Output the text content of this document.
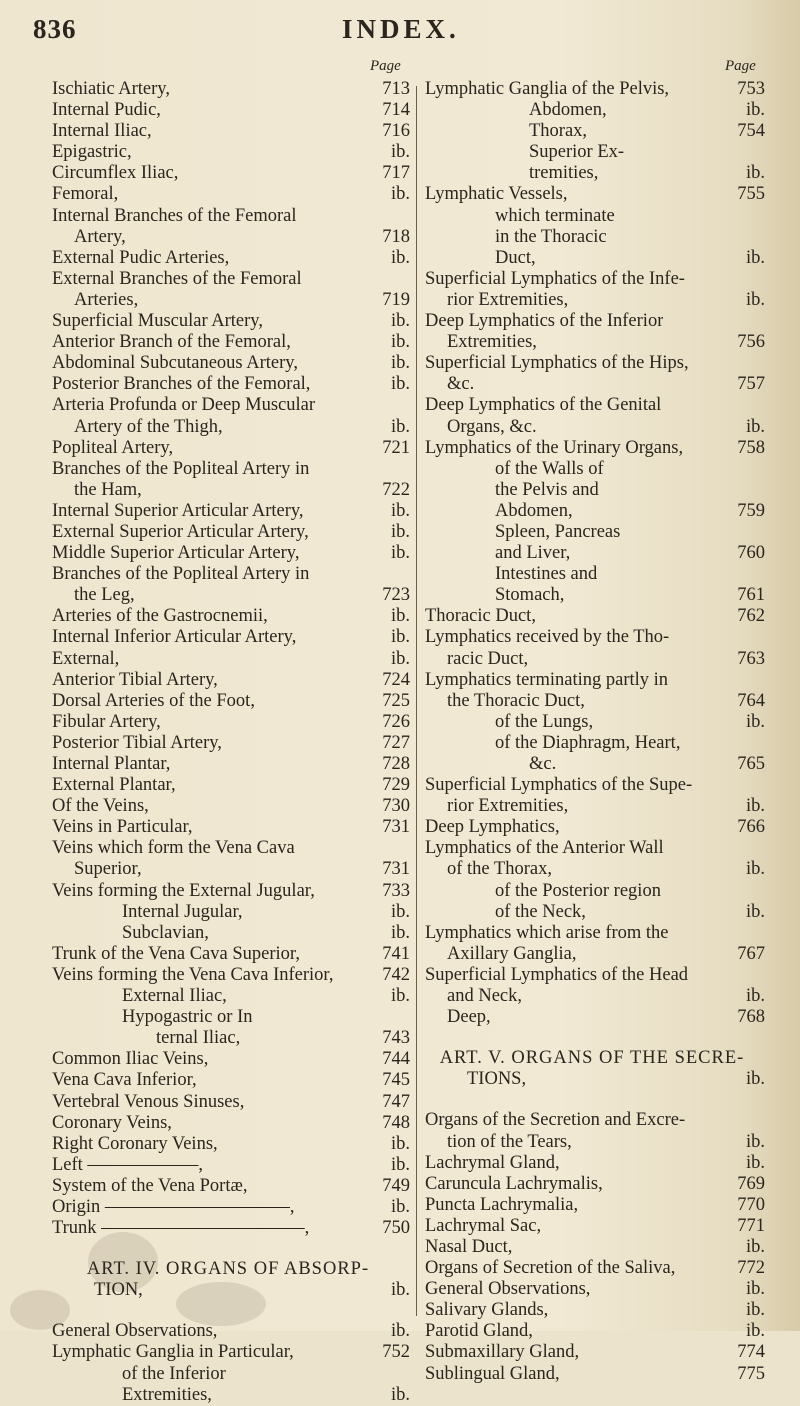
836	INDEX.
Page
Ischiatic Artery,	713
Internal Pudic,	714
Internal Iliac,	716
Epigastric,	ib.
Circumflex Iliac,	717
Femoral,	ib.
Internal Branches of the Femoral
Artery,	718
External Pudic Arteries,	ib.
External Branches of the Femoral
Arteries,	719
Superficial Muscular Artery,	ib.
Anterior Branch of the Femoral,	ib.
Abdominal Subcutaneous Artery,	ib.
Posterior Branches of the Femoral,	ib.
Arteria Profunda or Deep Muscular
Artery of the Thigh,	ib.
Popliteal Artery,	721
Branches of the Popliteal Artery in
the Ham,	722
Internal Superior Articular Artery,	ib.
External Superior Articular Artery,	ib.
Middle Superior Articular Artery,	ib.
Branches of the Popliteal Artery in
the Leg,	723
Arteries of the Gastrocnemii,	ib.
Internal Inferior Articular Artery,	ib.
External,	ib.
Anterior Tibial Artery,	724
Dorsal Arteries of the Foot,	725
Fibular Artery,	726
Posterior Tibial Artery,	727
Internal Plantar,	728
External Plantar,	729
Of the Veins,	730
Veins in Particular,	731
Veins which form the Vena Cava
Superior,	731
Veins forming the External Jugular,	733
Internal Jugular,	ib.
Subclavian,	ib.
Trunk of the Vena Cava Superior,	741
Veins forming the Vena Cava Inferior,	742
External Iliac,	ib.
Hypogastric or In
ternal Iliac,	743
Common Iliac Veins,	744
Vena Cava Inferior,	745
Vertebral Venous Sinuses,	747
Coronary Veins,	748
Right Coronary Veins,	ib.
Left ——————,	ib.
System of the Vena Portæ,	749
Origin ——————————,	ib.
Trunk ———————————,	750
ART. IV. ORGANS OF ABSORP-
TION,	ib.
General Observations,	ib.
Lymphatic Ganglia in Particular,	752
of the Inferior
Extremities,	ib.
Page
Lymphatic Ganglia of the Pelvis,	753
Abdomen,	ib.
Thorax,	754
Superior Ex-
tremities,	ib.
Lymphatic Vessels,	755
which terminate
in the Thoracic
Duct,	ib.
Superficial Lymphatics of the Infe-
rior Extremities,	ib.
Deep Lymphatics of the Inferior
Extremities,	756
Superficial Lymphatics of the Hips,
&c.	757
Deep Lymphatics of the Genital
Organs, &c.	ib.
Lymphatics of the Urinary Organs,	758
of the Walls of
the Pelvis and
Abdomen,	759
Spleen, Pancreas
and Liver,	760
Intestines and
Stomach,	761
Thoracic Duct,	762
Lymphatics received by the Tho-
racic Duct,	763
Lymphatics terminating partly in
the Thoracic Duct,	764
of the Lungs,	ib.
of the Diaphragm, Heart,
&c.	765
Superficial Lymphatics of the Supe-
rior Extremities,	ib.
Deep Lymphatics,	766
Lymphatics of the Anterior Wall
of the Thorax,	ib.
of the Posterior region
of the Neck,	ib.
Lymphatics which arise from the
Axillary Ganglia,	767
Superficial Lymphatics of the Head
and Neck,	ib.
Deep,	768
ART. V. ORGANS OF THE SECRE-
TIONS,	ib.
Organs of the Secretion and Excre-
tion of the Tears,	ib.
Lachrymal Gland,	ib.
Caruncula Lachrymalis,	769
Puncta Lachrymalia,	770
Lachrymal Sac,	771
Nasal Duct,	ib.
Organs of Secretion of the Saliva,	772
General Observations,	ib.
Salivary Glands,	ib.
Parotid Gland,	ib.
Submaxillary Gland,	774
Sublingual Gland,	775
